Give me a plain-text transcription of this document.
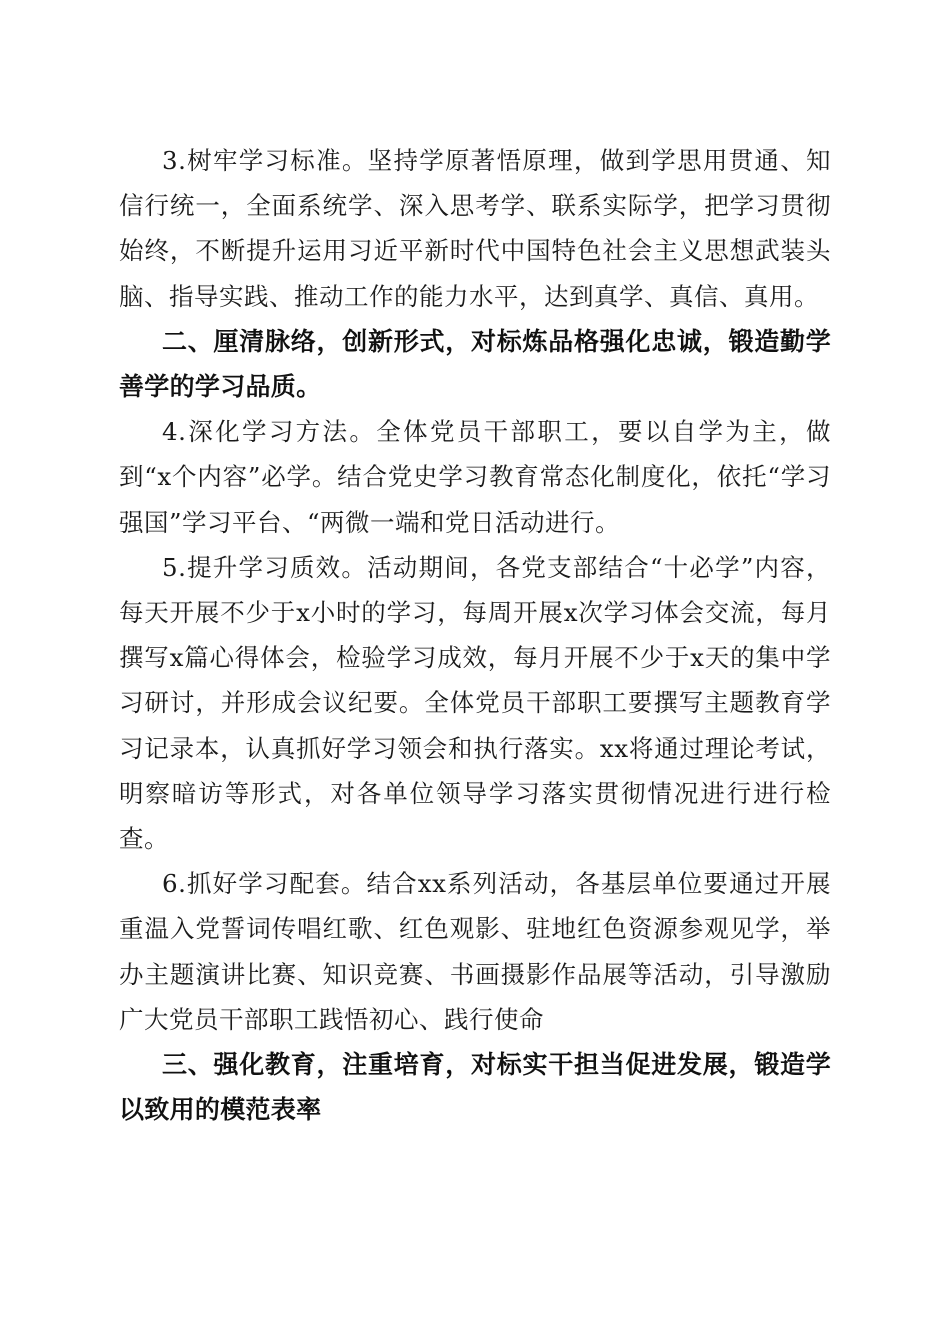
3.树牢学习标准。坚持学原著悟原理，做到学思用贯通、知信行统一，全面系统学、深入思考学、联系实际学，把学习贯彻始终，不断提升运用习近平新时代中国特色社会主义思想武装头脑、指导实践、推动工作的能力水平，达到真学、真信、真用。

二、厘清脉络，创新形式，对标炼品格强化忠诚，锻造勤学善学的学习品质。

4.深化学习方法。全体党员干部职工，要以自学为主，做到“x个内容”必学。结合党史学习教育常态化制度化，依托“学习强国”学习平台、“两微一端和党日活动进行。

5.提升学习质效。活动期间，各党支部结合“十必学”内容，每天开展不少于x小时的学习，每周开展x次学习体会交流，每月撰写x篇心得体会，检验学习成效，每月开展不少于x天的集中学习研讨，并形成会议纪要。全体党员干部职工要撰写主题教育学习记录本，认真抓好学习领会和执行落实。xx将通过理论考试，明察暗访等形式，对各单位领导学习落实贯彻情况进行进行检查。

6.抓好学习配套。结合xx系列活动，各基层单位要通过开展重温入党誓词传唱红歌、红色观影、驻地红色资源参观见学，举办主题演讲比赛、知识竞赛、书画摄影作品展等活动，引导激励广大党员干部职工践悟初心、践行使命

三、强化教育，注重培育，对标实干担当促进发展，锻造学以致用的模范表率
